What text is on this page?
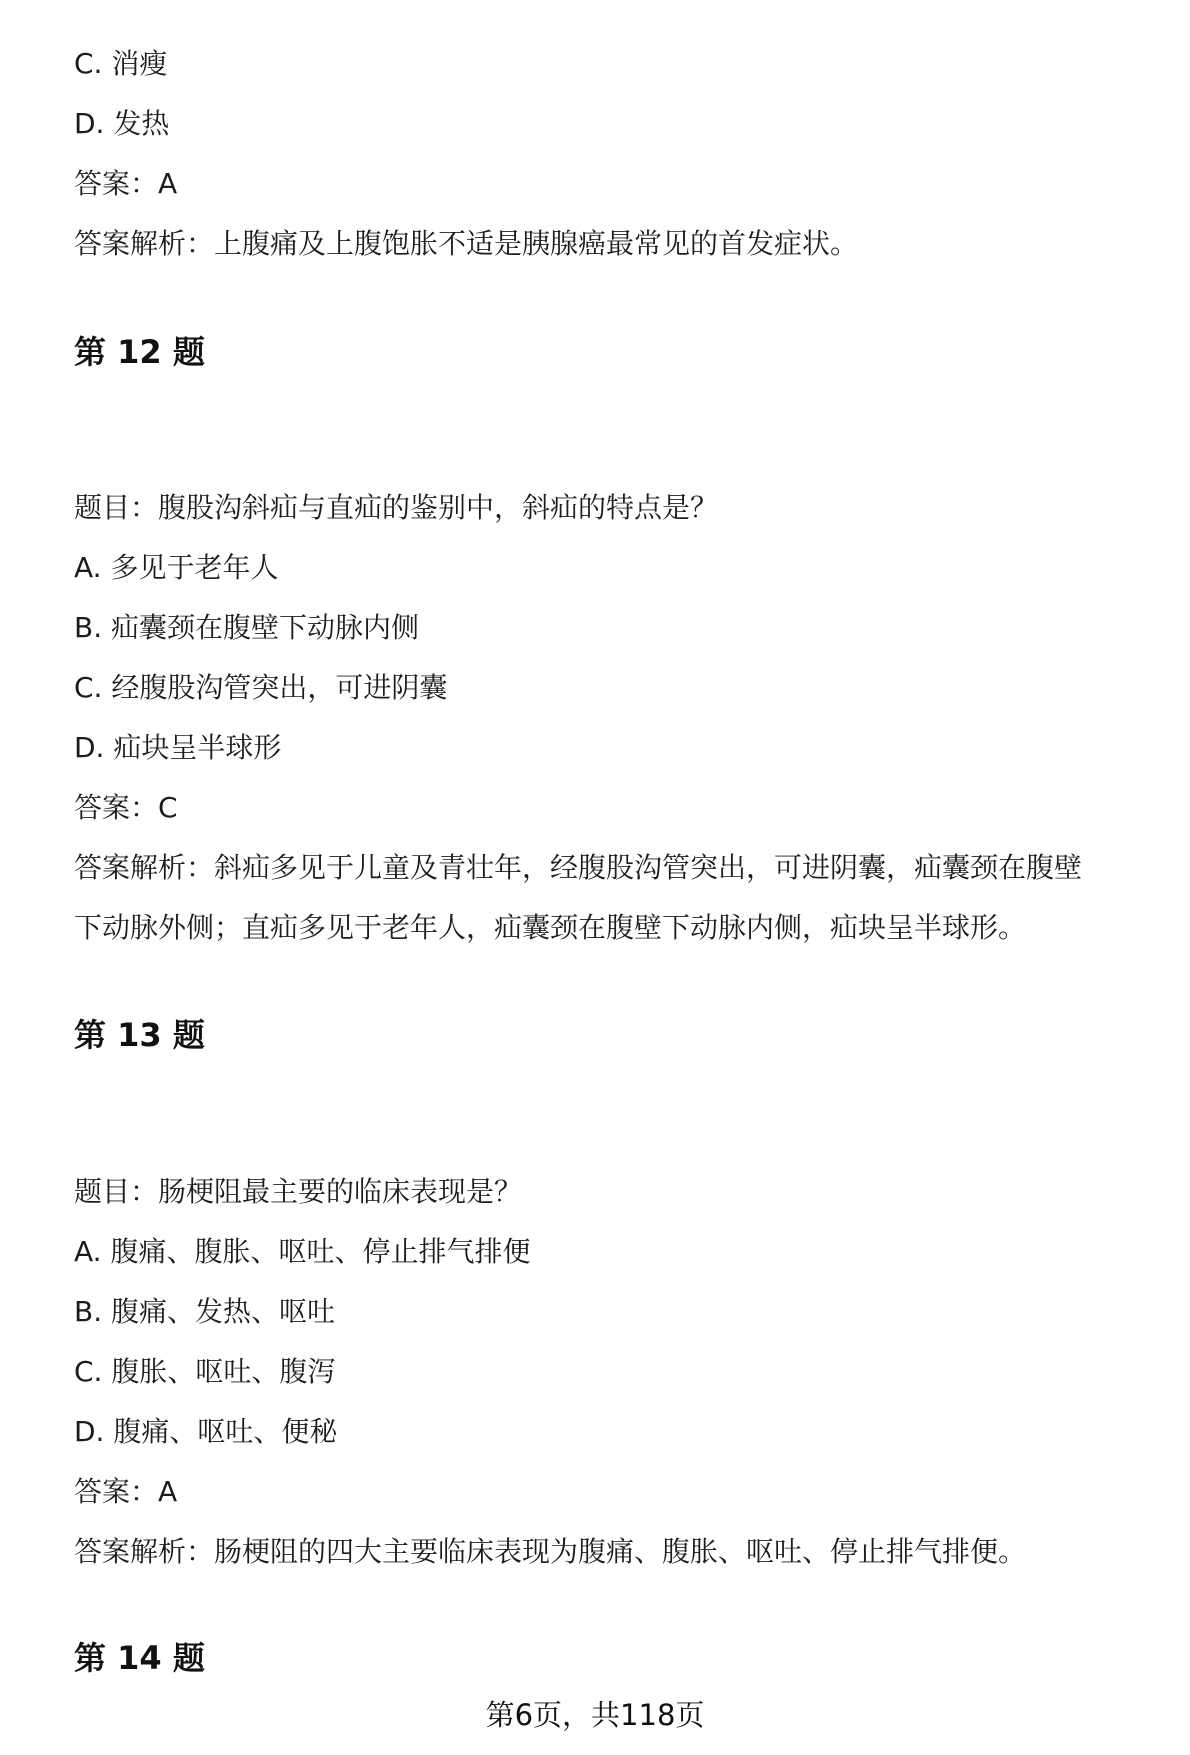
C. 消瘦
D. 发热
答案：A
答案解析：上腹痛及上腹饱胀不适是胰腺癌最常见的首发症状。
第 12 题
题目：腹股沟斜疝与直疝的鉴别中，斜疝的特点是？
A. 多见于老年人
B. 疝囊颈在腹壁下动脉内侧
C. 经腹股沟管突出，可进阴囊
D. 疝块呈半球形
答案：C
答案解析：斜疝多见于儿童及青壮年，经腹股沟管突出，可进阴囊，疝囊颈在腹壁
下动脉外侧；直疝多见于老年人，疝囊颈在腹壁下动脉内侧，疝块呈半球形。
第 13 题
题目：肠梗阻最主要的临床表现是？
A. 腹痛、腹胀、呕吐、停止排气排便
B. 腹痛、发热、呕吐
C. 腹胀、呕吐、腹泻
D. 腹痛、呕吐、便秘
答案：A
答案解析：肠梗阻的四大主要临床表现为腹痛、腹胀、呕吐、停止排气排便。
第 14 题
第6页，共118页
